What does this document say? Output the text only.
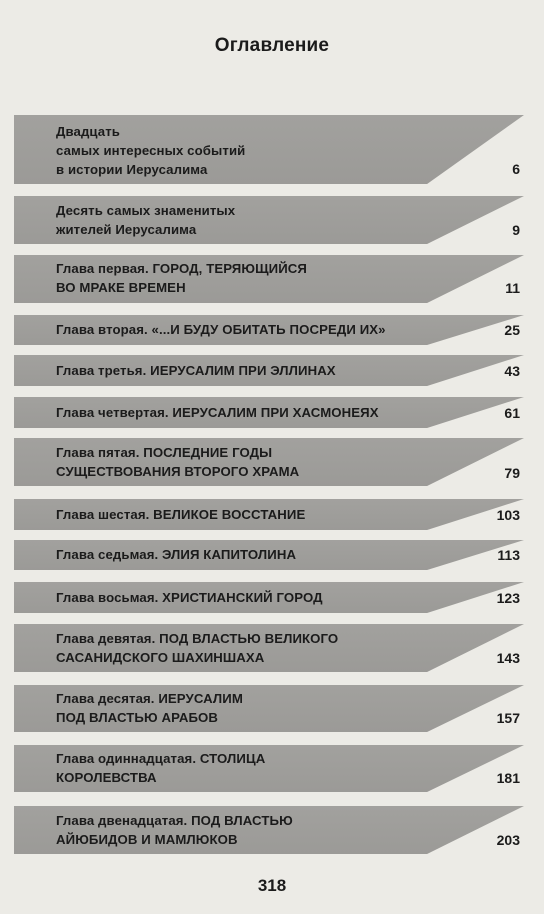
Оглавление
Двадцать
самых интересных событий
в истории Иерусалима	6
Десять самых знаменитых
жителей Иерусалима	9
Глава первая. ГОРОД, ТЕРЯЮЩИЙСЯ
ВО МРАКЕ ВРЕМЕН	11
Глава вторая. «...И БУДУ ОБИТАТЬ ПОСРЕДИ ИХ»	25
Глава третья. ИЕРУСАЛИМ ПРИ ЭЛЛИНАХ	43
Глава четвертая. ИЕРУСАЛИМ ПРИ ХАСМОНЕЯХ	61
Глава пятая. ПОСЛЕДНИЕ ГОДЫ
СУЩЕСТВОВАНИЯ ВТОРОГО ХРАМА	79
Глава шестая. ВЕЛИКОЕ ВОССТАНИЕ	103
Глава седьмая. ЭЛИЯ КАПИТОЛИНА	113
Глава восьмая. ХРИСТИАНСКИЙ ГОРОД	123
Глава девятая. ПОД ВЛАСТЬЮ ВЕЛИКОГО
САСАНИДСКОГО ШАХИНШАХА	143
Глава десятая. ИЕРУСАЛИМ
ПОД ВЛАСТЬЮ АРАБОВ	157
Глава одиннадцатая. СТОЛИЦА
КОРОЛЕВСТВА	181
Глава двенадцатая. ПОД ВЛАСТЬЮ
АЙЮБИДОВ И МАМЛЮКОВ	203
318
